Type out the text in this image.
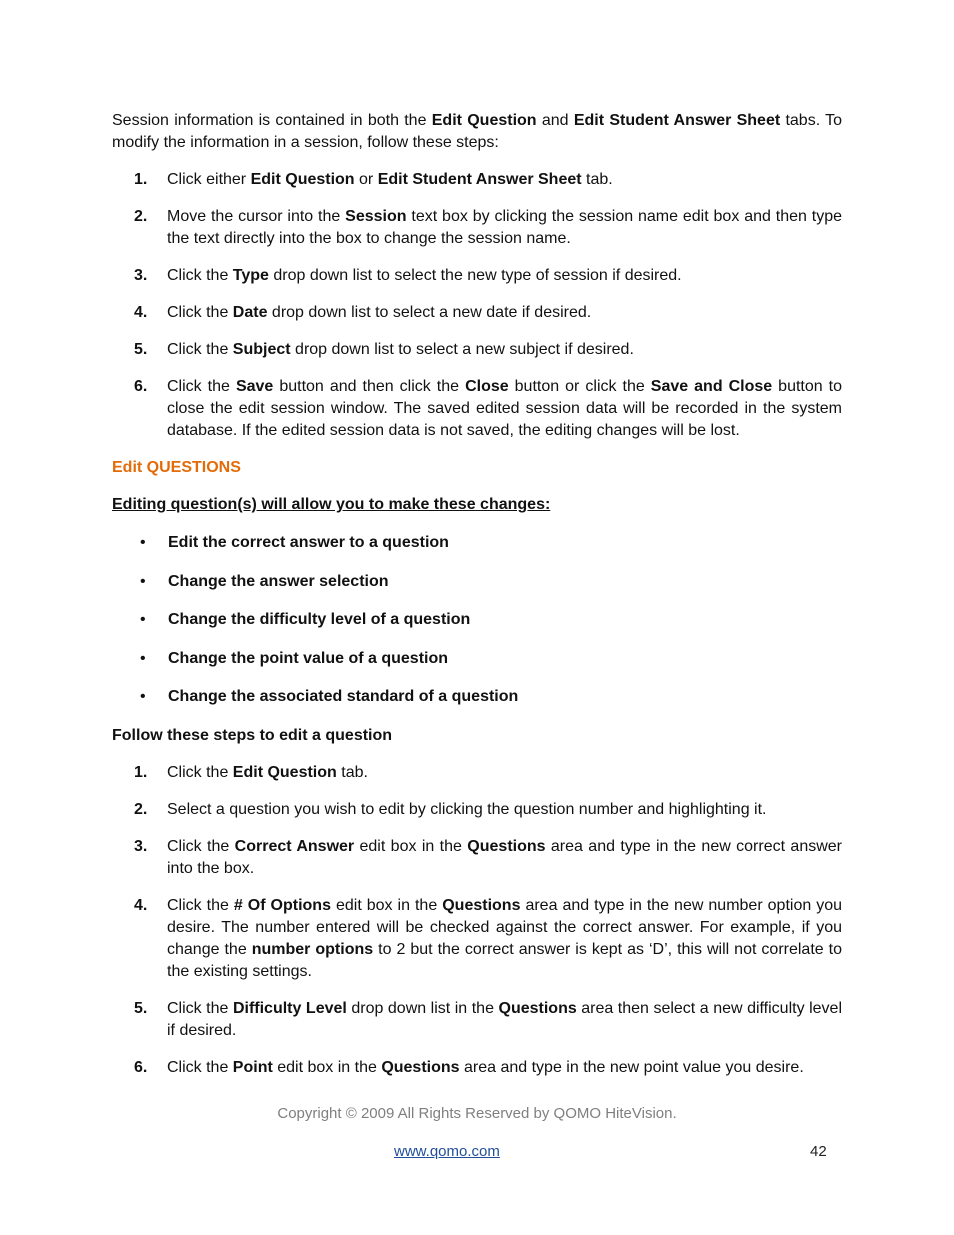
Session information is contained in both the Edit Question and Edit Student Answer Sheet tabs. To modify the information in a session, follow these steps:

1. Click either Edit Question or Edit Student Answer Sheet tab.
2. Move the cursor into the Session text box by clicking the session name edit box and then type the text directly into the box to change the session name.
3. Click the Type drop down list to select the new type of session if desired.
4. Click the Date drop down list to select a new date if desired.
5. Click the Subject drop down list to select a new subject if desired.
6. Click the Save button and then click the Close button or click the Save and Close button to close the edit session window. The saved edited session data will be recorded in the system database. If the edited session data is not saved, the editing changes will be lost.

Edit QUESTIONS

Editing question(s) will allow you to make these changes:

• Edit the correct answer to a question
• Change the answer selection
• Change the difficulty level of a question
• Change the point value of a question
• Change the associated standard of a question

Follow these steps to edit a question

1. Click the Edit Question tab.
2. Select a question you wish to edit by clicking the question number and highlighting it.
3. Click the Correct Answer edit box in the Questions area and type in the new correct answer into the box.
4. Click the # Of Options edit box in the Questions area and type in the new number option you desire. The number entered will be checked against the correct answer. For example, if you change the number options to 2 but the correct answer is kept as ‘D’, this will not correlate to the existing settings.
5. Click the Difficulty Level drop down list in the Questions area then select a new difficulty level if desired.
6. Click the Point edit box in the Questions area and type in the new point value you desire.
Copyright © 2009 All Rights Reserved by QOMO HiteVision.
www.qomo.com	42
